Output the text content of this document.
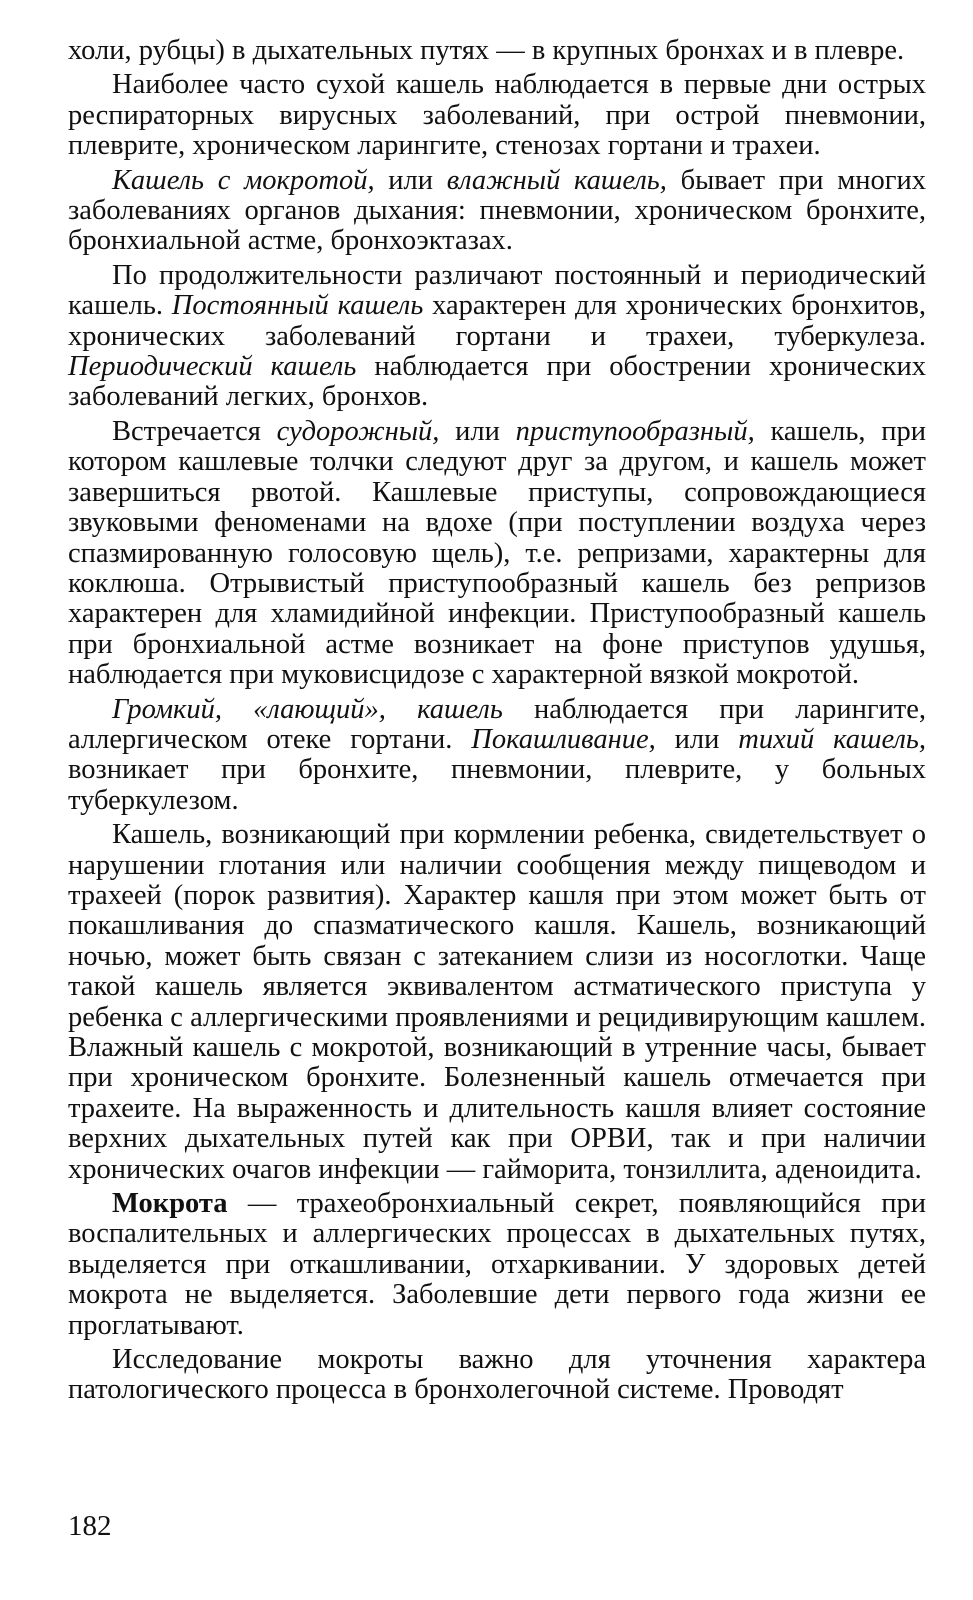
холи, рубцы) в дыхательных путях — в крупных бронхах и в плевре.

Наиболее часто сухой кашель наблюдается в первые дни острых респираторных вирусных заболеваний, при острой пневмонии, плеврите, хроническом ларингите, стенозах гортани и трахеи.

Кашель с мокротой, или влажный кашель, бывает при многих заболеваниях органов дыхания: пневмонии, хроническом бронхите, бронхиальной астме, бронхоэктазах.

По продолжительности различают постоянный и периодический кашель. Постоянный кашель характерен для хронических бронхитов, хронических заболеваний гортани и трахеи, туберкулеза. Периодический кашель наблюдается при обострении хронических заболеваний легких, бронхов.

Встречается судорожный, или приступообразный, кашель, при котором кашлевые толчки следуют друг за другом, и кашель может завершиться рвотой. Кашлевые приступы, сопровождающиеся звуковыми феноменами на вдохе (при поступлении воздуха через спазмированную голосовую щель), т.е. репризами, характерны для коклюша. Отрывистый приступообразный кашель без репризов характерен для хламидийной инфекции. Приступообразный кашель при бронхиальной астме возникает на фоне приступов удушья, наблюдается при муковисцидозе с характерной вязкой мокротой.

Громкий, «лающий», кашель наблюдается при ларингите, аллергическом отеке гортани. Покашливание, или тихий кашель, возникает при бронхите, пневмонии, плеврите, у больных туберкулезом.

Кашель, возникающий при кормлении ребенка, свидетельствует о нарушении глотания или наличии сообщения между пищеводом и трахеей (порок развития). Характер кашля при этом может быть от покашливания до спазматического кашля. Кашель, возникающий ночью, может быть связан с затеканием слизи из носоглотки. Чаще такой кашель является эквивалентом астматического приступа у ребенка с аллергическими проявлениями и рецидивирующим кашлем. Влажный кашель с мокротой, возникающий в утренние часы, бывает при хроническом бронхите. Болезненный кашель отмечается при трахеите. На выраженность и длительность кашля влияет состояние верхних дыхательных путей как при ОРВИ, так и при наличии хронических очагов инфекции — гайморита, тонзиллита, аденоидита.

Мокрота — трахеобронхиальный секрет, появляющийся при воспалительных и аллергических процессах в дыхательных путях, выделяется при откашливании, отхаркивании. У здоровых детей мокрота не выделяется. Заболевшие дети первого года жизни ее проглатывают.

Исследование мокроты важно для уточнения характера патологического процесса в бронхолегочной системе. Проводят

182
